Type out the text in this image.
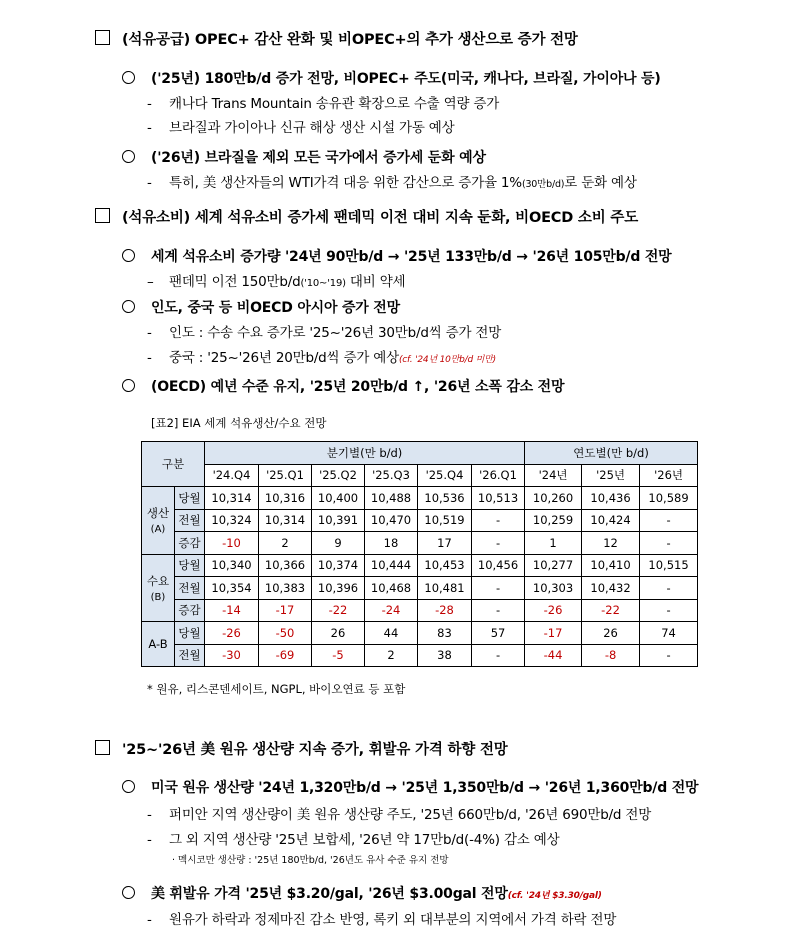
(석유공급) OPEC+ 감산 완화 및 비OPEC+의 추가 생산으로 증가 전망
('25년) 180만b/d 증가 전망, 비OPEC+ 주도(미국, 캐나다, 브라질, 가이아나 등)
- 캐나다 Trans Mountain 송유관 확장으로 수출 역량 증가
- 브라질과 가이아나 신규 해상 생산 시설 가동 예상
('26년) 브라질을 제외 모든 국가에서 증가세 둔화 예상
- 특히, 美 생산자들의 WTI가격 대응 위한 감산으로 증가율 1%(30만b/d)로 둔화 예상
(석유소비) 세계 석유소비 증가세 팬데믹 이전 대비 지속 둔화, 비OECD 소비 주도
세계 석유소비 증가량 '24년 90만b/d → '25년 133만b/d → '26년 105만b/d 전망
– 팬데믹 이전 150만b/d('10~'19) 대비 약세
인도, 중국 등 비OECD 아시아 증가 전망
- 인도 : 수송 수요 증가로 '25~'26년 30만b/d씩 증가 전망
- 중국 : '25~'26년 20만b/d씩 증가 예상(cf. '24년 10만b/d 미만)
(OECD) 예년 수준 유지, '25년 20만b/d ↑, '26년 소폭 감소 전망
[표2] EIA 세계 석유생산/수요 전망
구분		분기별(만 b/d)						연도별(만 b/d)		
		'24.Q4	'25.Q1	'25.Q2	'25.Q3	'25.Q4	'26.Q1	'24년	'25년	'26년
생산
(A)	당월	10,314	10,316	10,400	10,488	10,536	10,513	10,260	10,436	10,589
	전월	10,324	10,314	10,391	10,470	10,519	-	10,259	10,424	-
	증감	-10	2	9	18	17	-	1	12	-
수요
(B)	당월	10,340	10,366	10,374	10,444	10,453	10,456	10,277	10,410	10,515
	전월	10,354	10,383	10,396	10,468	10,481	-	10,303	10,432	-
	증감	-14	-17	-22	-24	-28	-	-26	-22	-
A-B	당월	-26	-50	26	44	83	57	-17	26	74
	전월	-30	-69	-5	2	38	-	-44	-8	-
* 원유, 리스콘덴세이트, NGPL, 바이오연료 등 포함
'25~'26년 美 원유 생산량 지속 증가, 휘발유 가격 하향 전망
미국 원유 생산량 '24년 1,320만b/d → '25년 1,350만b/d → '26년 1,360만b/d 전망
- 퍼미안 지역 생산량이 美 원유 생산량 주도, '25년 660만b/d, '26년 690만b/d 전망
- 그 외 지역 생산량 '25년 보합세, '26년 약 17만b/d(-4%) 감소 예상
· 멕시코만 생산량 : '25년 180만b/d, '26년도 유사 수준 유지 전망
美 휘발유 가격 '25년 $3.20/gal, '26년 $3.00gal 전망(cf. '24년 $3.30/gal)
- 원유가 하락과 정제마진 감소 반영, 록키 외 대부분의 지역에서 가격 하락 전망
